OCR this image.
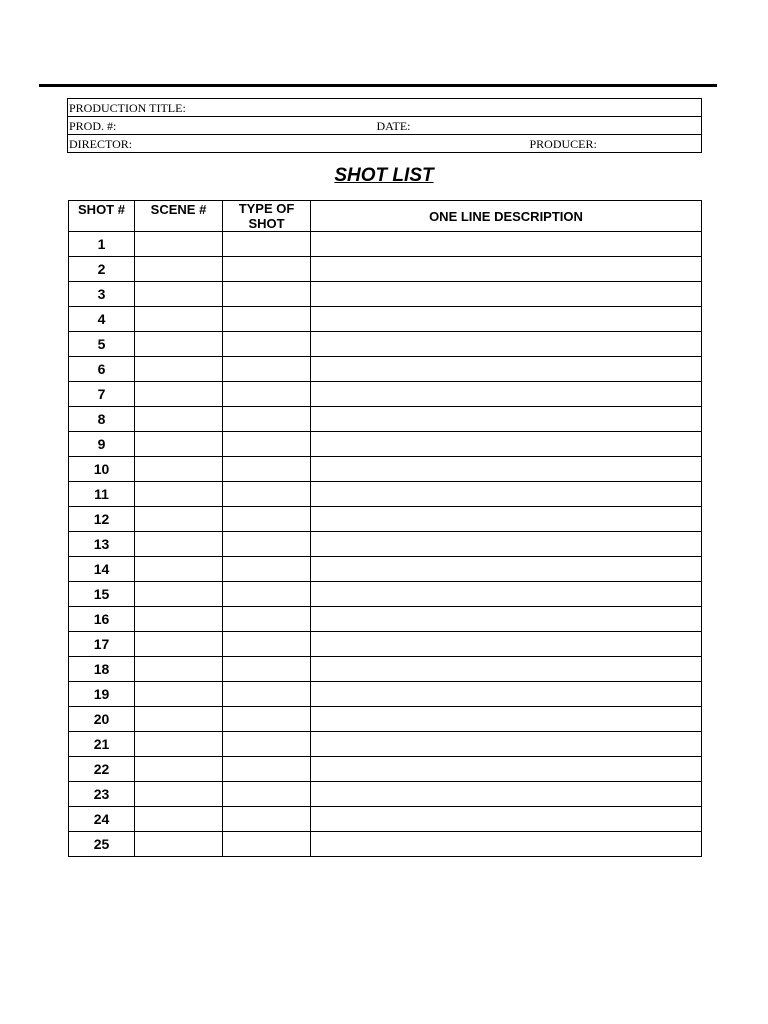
PRODUCTION TITLE:	
PROD. #:	DATE:
DIRECTOR:	PRODUCER:
SHOT LIST
SHOT #	SCENE #	TYPE OF SHOT	ONE LINE DESCRIPTION
1			
2			
3			
4			
5			
6			
7			
8			
9			
10			
11			
12			
13			
14			
15			
16			
17			
18			
19			
20			
21			
22			
23			
24			
25			
